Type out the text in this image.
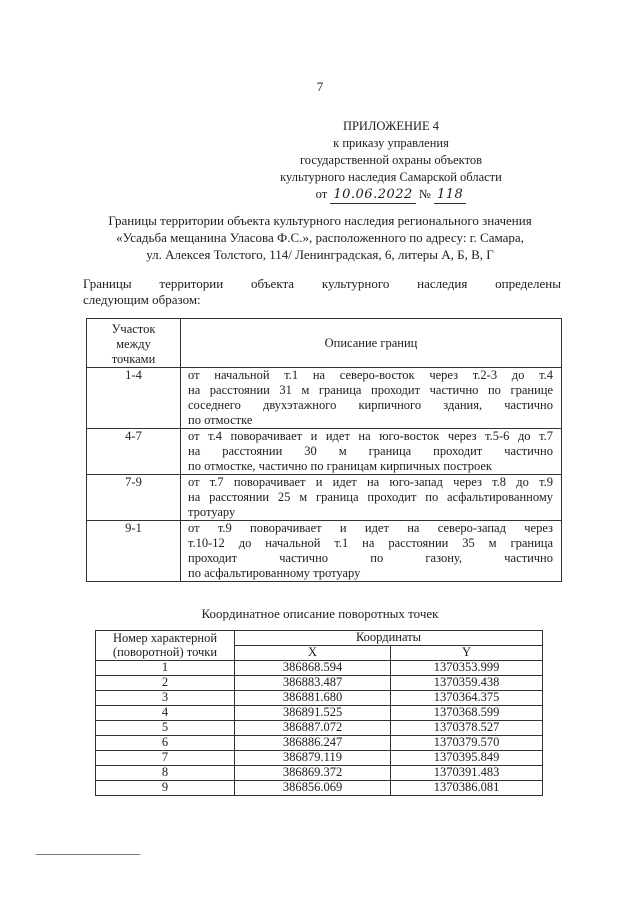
7
ПРИЛОЖЕНИЕ 4
к приказу управления
государственной охраны объектов
культурного наследия Самарской области
от 10.06.2022 № 118
Границы территории объекта культурного наследия регионального значения
«Усадьба мещанина Уласова Ф.С.», расположенного по адресу: г. Самара,
ул. Алексея Толстого, 114/ Ленинградская, 6, литеры А, Б, В, Г
Границы территории объекта культурного наследия определены
следующим образом:
Участок
между
точками	Описание границ
1-4	от начальной т.1 на северо-восток через т.2-3 до т.4
на расстоянии 31 м граница проходит частично по границе
соседнего двухэтажного кирпичного здания, частично
по отмостке

4-7	от т.4 поворачивает и идет на юго-восток через т.5-6 до т.7
на расстоянии 30 м граница проходит частично
по отмостке, частично по границам кирпичных построек

7-9	от т.7 поворачивает и идет на юго-запад через т.8 до т.9
на расстоянии 25 м граница проходит по асфальтированному
тротуару

9-1	от т.9 поворачивает и идет на северо-запад через
т.10-12 до начальной т.1 на расстоянии 35 м граница
проходит частично по газону, частично
по асфальтированному тротуару
Координатное описание поворотных точек
Номер характерной
(поворотной) точки	Координаты	
	X	Y
1	386868.594	1370353.999
2	386883.487	1370359.438
3	386881.680	1370364.375
4	386891.525	1370368.599
5	386887.072	1370378.527
6	386886.247	1370379.570
7	386879.119	1370395.849
8	386869.372	1370391.483
9	386856.069	1370386.081
